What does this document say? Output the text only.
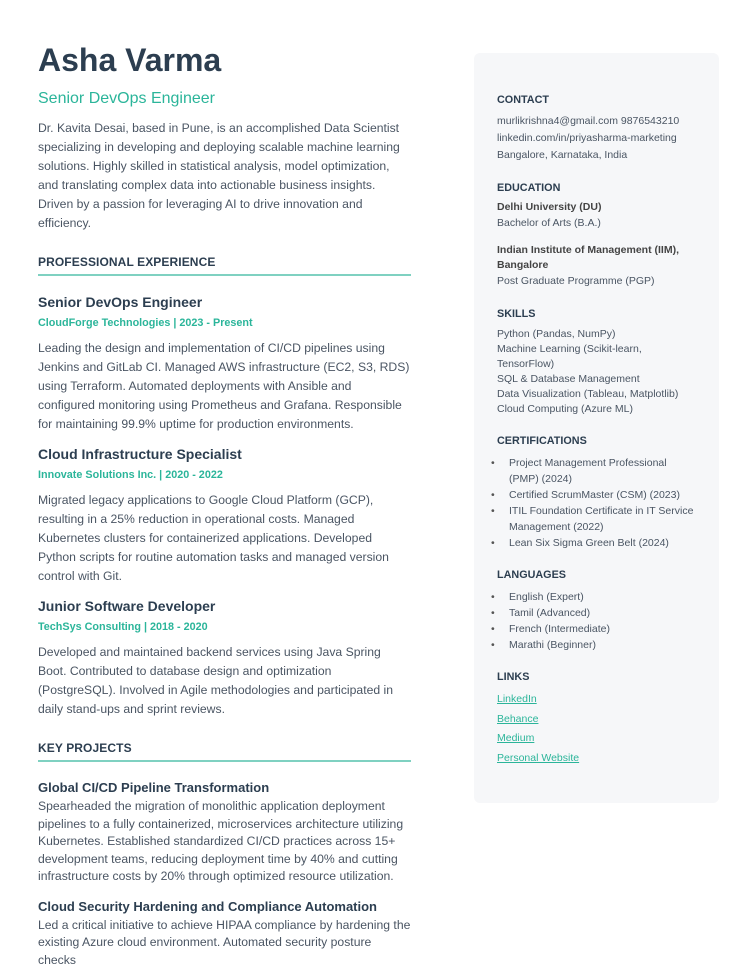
Asha Varma
Senior DevOps Engineer

Dr. Kavita Desai, based in Pune, is an accomplished Data Scientist specializing in developing and deploying scalable machine learning solutions. Highly skilled in statistical analysis, model optimization, and translating complex data into actionable business insights. Driven by a passion for leveraging AI to drive innovation and efficiency.

PROFESSIONAL EXPERIENCE
Senior DevOps Engineer
CloudForge Technologies | 2023 - Present

Leading the design and implementation of CI/CD pipelines using Jenkins and GitLab CI. Managed AWS infrastructure (EC2, S3, RDS) using Terraform. Automated deployments with Ansible and configured monitoring using Prometheus and Grafana. Responsible for maintaining 99.9% uptime for production environments.

Cloud Infrastructure Specialist
Innovate Solutions Inc. | 2020 - 2022

Migrated legacy applications to Google Cloud Platform (GCP), resulting in a 25% reduction in operational costs. Managed Kubernetes clusters for containerized applications. Developed Python scripts for routine automation tasks and managed version control with Git.

Junior Software Developer
TechSys Consulting | 2018 - 2020

Developed and maintained backend services using Java Spring Boot. Contributed to database design and optimization (PostgreSQL). Involved in Agile methodologies and participated in daily stand-ups and sprint reviews.

KEY PROJECTS
Global CI/CD Pipeline Transformation

Spearheaded the migration of monolithic application deployment pipelines to a fully containerized, microservices architecture utilizing Kubernetes. Established standardized CI/CD practices across 15+ development teams, reducing deployment time by 40% and cutting infrastructure costs by 20% through optimized resource utilization.

Cloud Security Hardening and Compliance Automation

Led a critical initiative to achieve HIPAA compliance by hardening the existing Azure cloud environment. Automated security posture checks

CONTACT
murlikrishna4@gmail.com 9876543210
linkedin.com/in/priyasharma-marketing
Bangalore, Karnataka, India
EDUCATION
Delhi University (DU)
Bachelor of Arts (B.A.)
Indian Institute of Management (IIM), Bangalore
Post Graduate Programme (PGP)
SKILLS
Python (Pandas, NumPy)
Machine Learning (Scikit-learn, TensorFlow)
SQL & Database Management
Data Visualization (Tableau, Matplotlib)
Cloud Computing (Azure ML)
CERTIFICATIONS
• Project Management Professional (PMP) (2024)
• Certified ScrumMaster (CSM) (2023)
• ITIL Foundation Certificate in IT Service Management (2022)
• Lean Six Sigma Green Belt (2024)
LANGUAGES
• English (Expert)
• Tamil (Advanced)
• French (Intermediate)
• Marathi (Beginner)
LINKS
LinkedIn
Behance
Medium
Personal Website
